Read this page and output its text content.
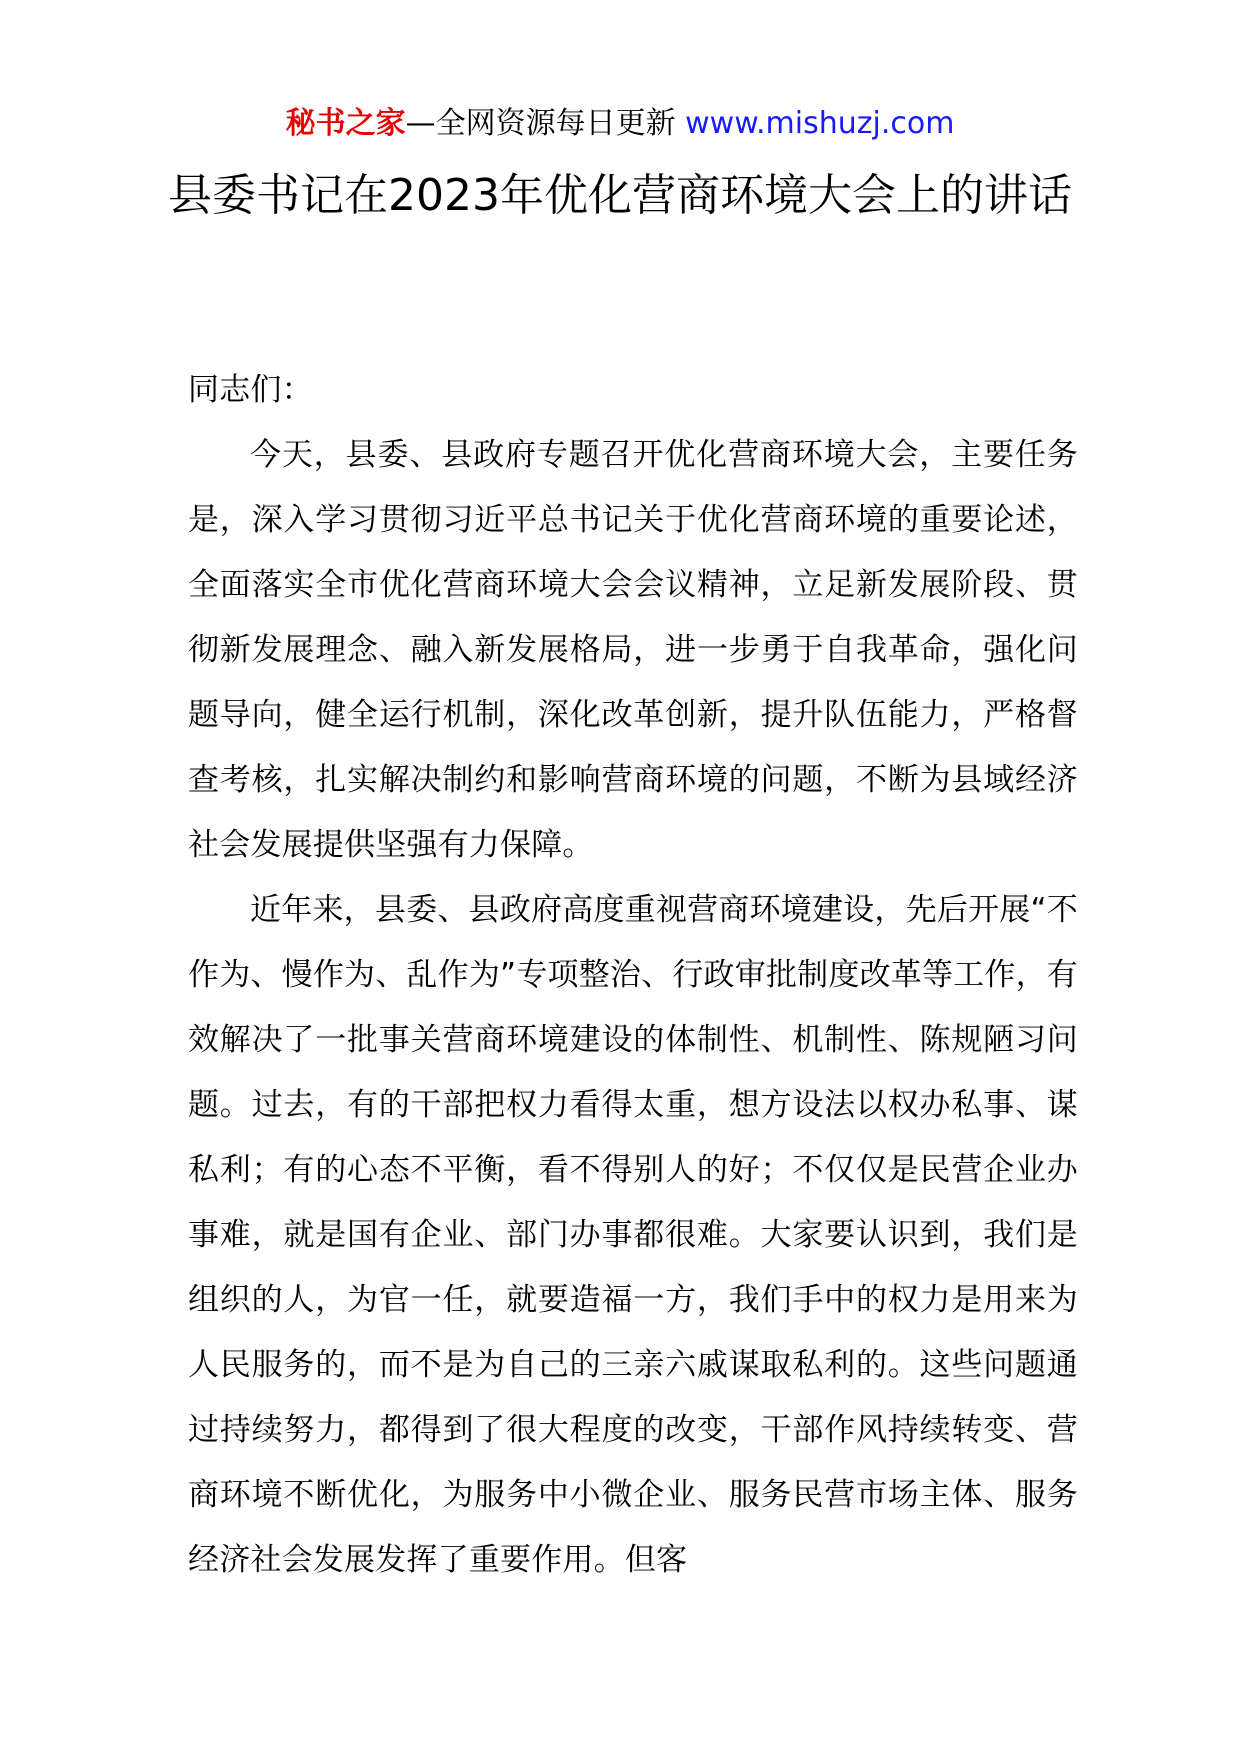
秘书之家—全网资源每日更新 www.mishuzj.com
县委书记在2023年优化营商环境大会上的讲话

同志们：

今天，县委、县政府专题召开优化营商环境大会，主要任务是，深入学习贯彻习近平总书记关于优化营商环境的重要论述，全面落实全市优化营商环境大会会议精神，立足新发展阶段、贯彻新发展理念、融入新发展格局，进一步勇于自我革命，强化问题导向，健全运行机制，深化改革创新，提升队伍能力，严格督查考核，扎实解决制约和影响营商环境的问题，不断为县域经济社会发展提供坚强有力保障。

近年来，县委、县政府高度重视营商环境建设，先后开展“不作为、慢作为、乱作为”专项整治、行政审批制度改革等工作，有效解决了一批事关营商环境建设的体制性、机制性、陈规陋习问题。过去，有的干部把权力看得太重，想方设法以权办私事、谋私利；有的心态不平衡，看不得别人的好；不仅仅是民营企业办事难，就是国有企业、部门办事都很难。大家要认识到，我们是组织的人，为官一任，就要造福一方，我们手中的权力是用来为人民服务的，而不是为自己的三亲六戚谋取私利的。这些问题通过持续努力，都得到了很大程度的改变，干部作风持续转变、营商环境不断优化，为服务中小微企业、服务民营市场主体、服务经济社会发展发挥了重要作用。但客
